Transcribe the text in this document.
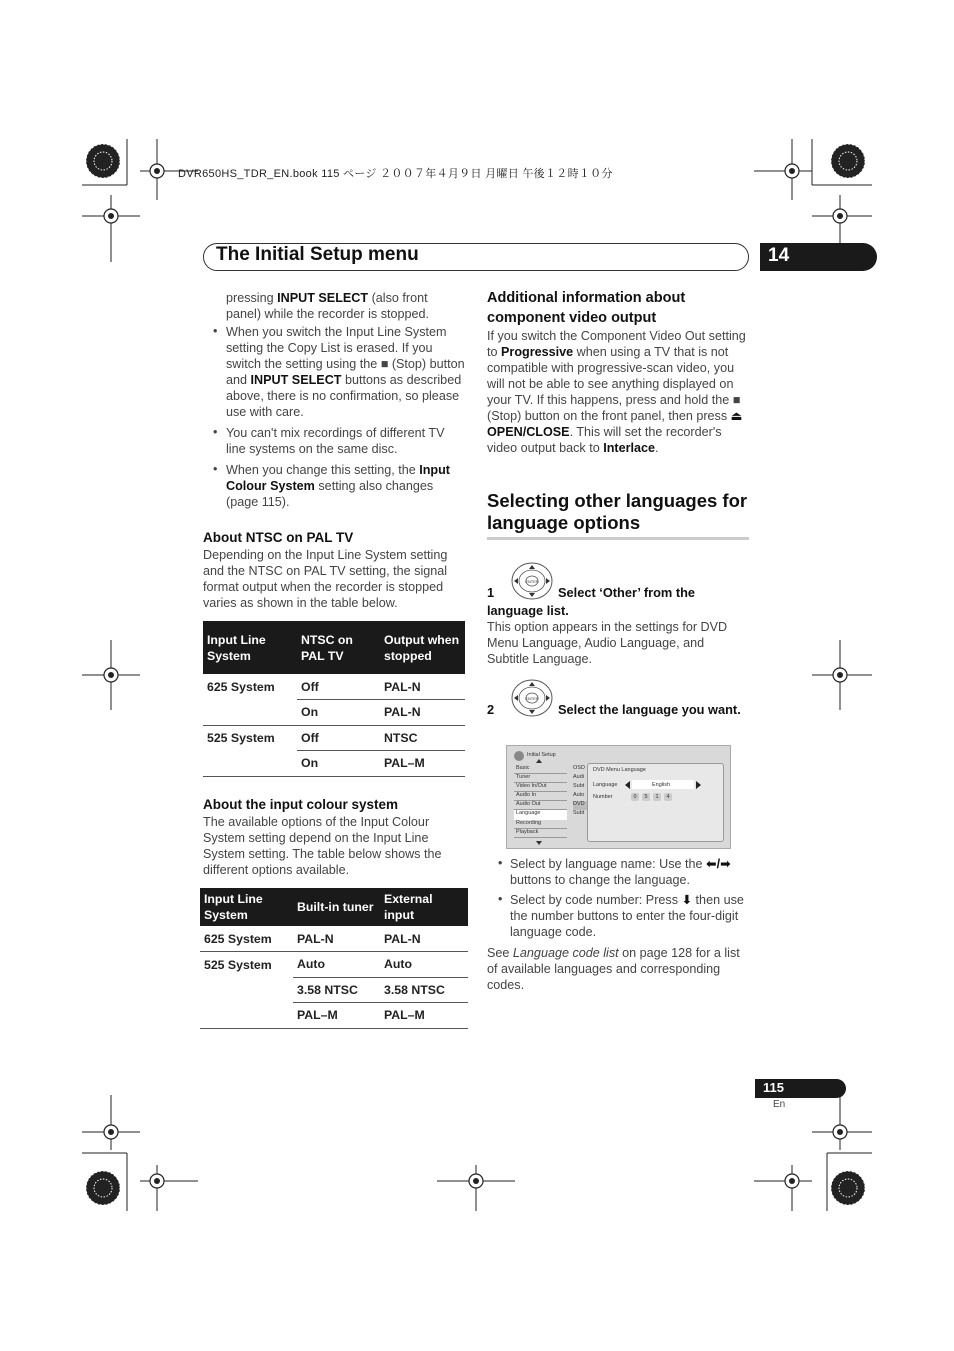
DVR650HS_TDR_EN.book 115 ページ ２００７年４月９日 月曜日 午後１２時１０分
The Initial Setup menu	14
pressing INPUT SELECT (also front panel) while the recorder is stopped.
• When you switch the Input Line System setting the Copy List is erased. If you switch the setting using the ■ (Stop) button and INPUT SELECT buttons as described above, there is no confirmation, so please use with care.
• You can't mix recordings of different TV line systems on the same disc.
• When you change this setting, the Input Colour System setting also changes (page 115).
About NTSC on PAL TV
Depending on the Input Line System setting and the NTSC on PAL TV setting, the signal format output when the recorder is stopped varies as shown in the table below.
Input Line System	NTSC on PAL TV	Output when stopped
625 System	Off	PAL-N
	On	PAL-N
525 System	Off	NTSC
	On	PAL–M
About the input colour system
The available options of the Input Colour System setting depend on the Input Line System setting. The table below shows the different options available.
Input Line System	Built-in tuner	External input
625 System	PAL-N	PAL-N
525 System	Auto	Auto
	3.58 NTSC	3.58 NTSC
	PAL–M	PAL–M
Additional information about component video output
If you switch the Component Video Out setting to Progressive when using a TV that is not compatible with progressive-scan video, you will not be able to see anything displayed on your TV. If this happens, press and hold the ■ (Stop) button on the front panel, then press ⏏ OPEN/CLOSE. This will set the recorder's video output back to Interlace.
Selecting other languages for language options
ENTER
1	Select ‘Other’ from the language list.
This option appears in the settings for DVD Menu Language, Audio Language, and Subtitle Language.
ENTER
2	Select the language you want.
Initial Setup
Basic
Tuner
Video In/Out
Audio In
Audio Out
Language
Recording
Playback
OSD
Audi
Subt
Auto
DVD
Subt
DVD Menu Language
Language	English
Number	0	5	1	4
• Select by language name: Use the ⬅/➡ buttons to change the language.
• Select by code number: Press ⬇ then use the number buttons to enter the four-digit language code.
See Language code list on page 128 for a list of available languages and corresponding codes.
115
En
